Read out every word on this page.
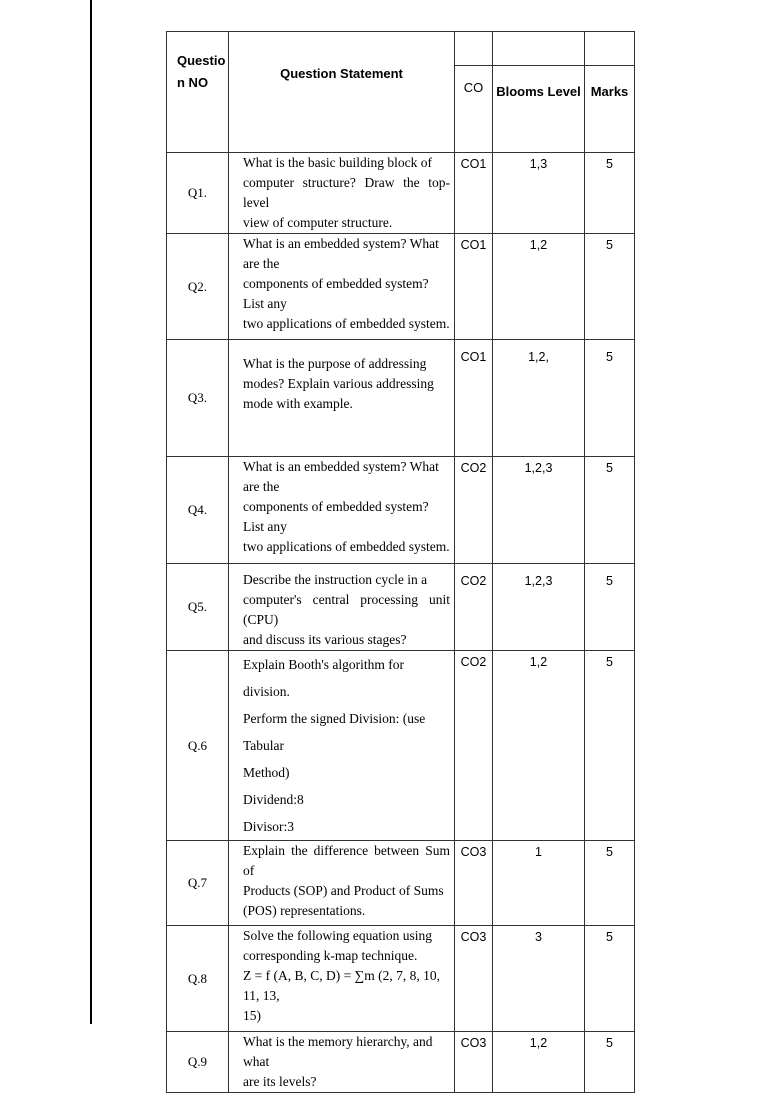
Questio
n NO	Question Statement			
		CO	Blooms Level	Marks
Q1.	What is the basic building block of
computer structure? Draw the top-level
view of computer structure.	CO1	1,3	5
Q2.	What is an embedded system? What are the
components of embedded system? List any
two applications of embedded system.	CO1	1,2	5
Q3.	What is the purpose of addressing
modes? Explain various addressing
mode with example.	CO1	1,2,	5
Q4.	What is an embedded system? What are the
components of embedded system? List any
two applications of embedded system.	CO2	1,2,3	5
Q5.	Describe the instruction cycle in a
computer's central processing unit (CPU)
and discuss its various stages?	CO2	1,2,3	5
Q.6	Explain Booth's algorithm for division.
Perform the signed Division: (use Tabular
Method)
Dividend:8
Divisor:3	CO2	1,2	5
Q.7	Explain the difference between Sum of
Products (SOP) and Product of Sums
(POS) representations.	CO3	1	5
Q.8	Solve the following equation using
corresponding k-map technique.
Z = f (A, B, C, D) = ∑m (2, 7, 8, 10, 11, 13,
15)	CO3	3	5
Q.9	What is the memory hierarchy, and what
are its levels?	CO3	1,2	5
